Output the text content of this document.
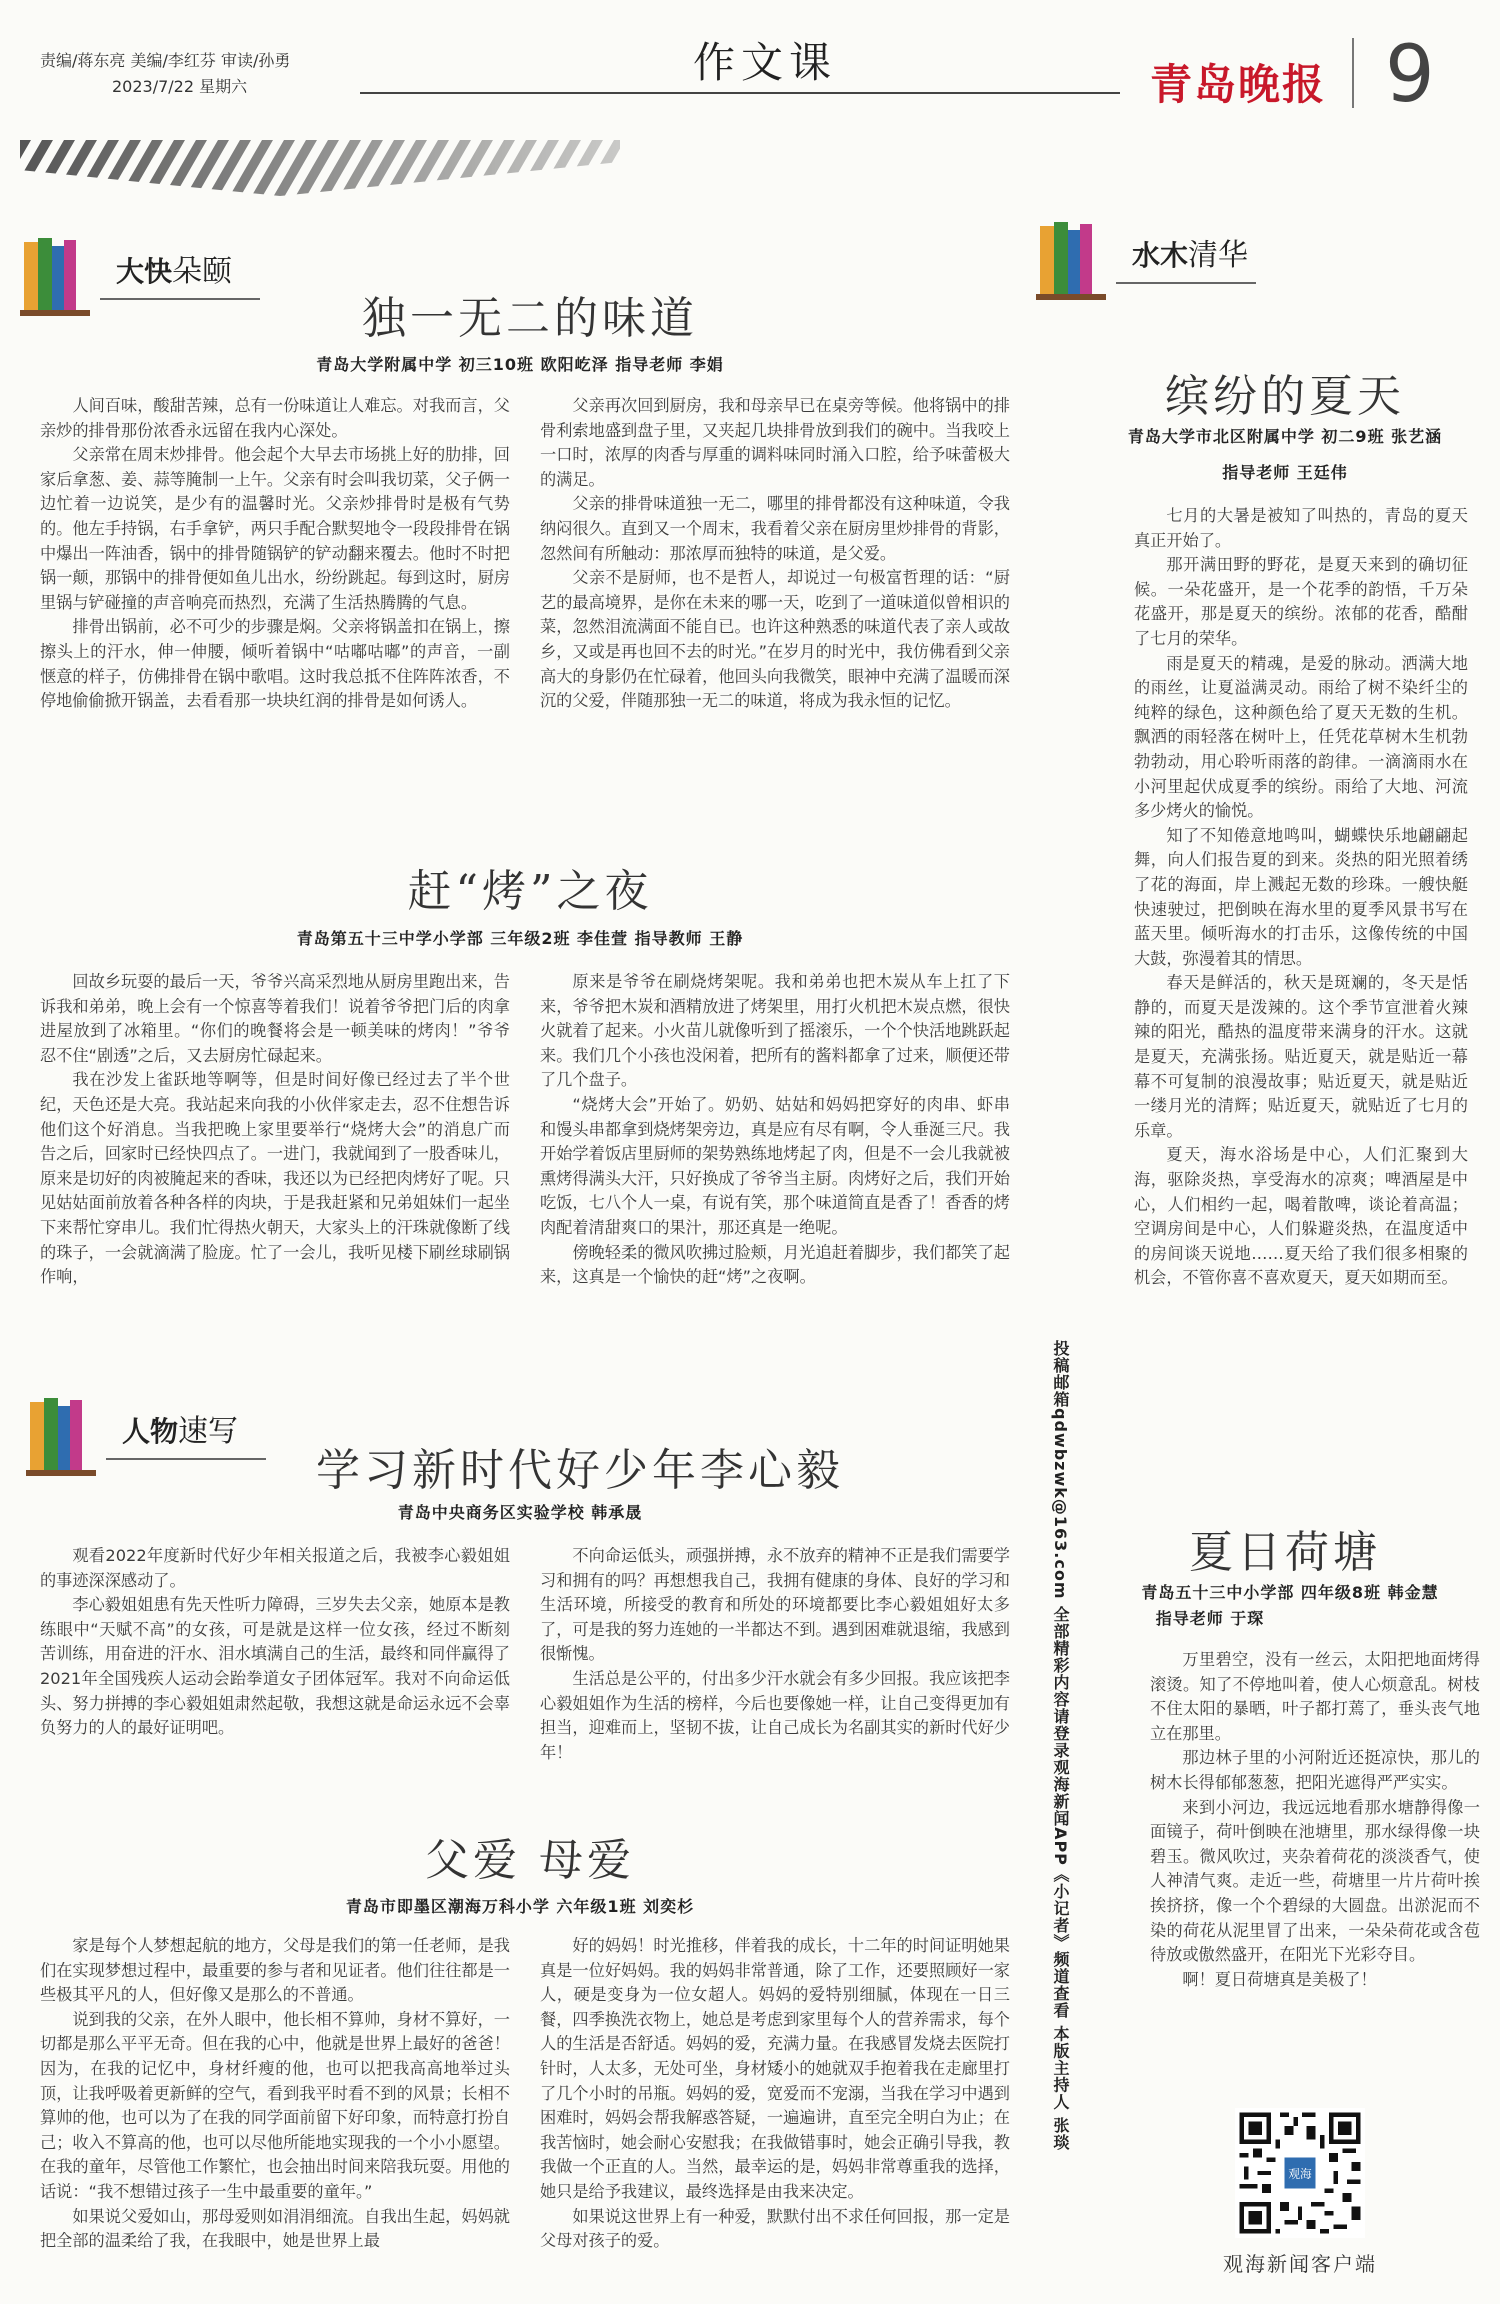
责编/蒋东亮 美编/李红芬 审读/孙勇
2023/7/22 星期六	作文课	青岛晚报 9
大快朵颐
独一无二的味道
青岛大学附属中学 初三10班 欧阳屹泽 指导老师 李娟

人间百味，酸甜苦辣，总有一份味道让人难忘。对我而言，父亲炒的排骨那份浓香永远留在我内心深处。

父亲常在周末炒排骨。他会起个大早去市场挑上好的肋排，回家后拿葱、姜、蒜等腌制一上午。父亲有时会叫我切菜，父子俩一边忙着一边说笑，是少有的温馨时光。父亲炒排骨时是极有气势的。他左手持锅，右手拿铲，两只手配合默契地令一段段排骨在锅中爆出一阵油香，锅中的排骨随锅铲的铲动翻来覆去。他时不时把锅一颠，那锅中的排骨便如鱼儿出水，纷纷跳起。每到这时，厨房里锅与铲碰撞的声音响亮而热烈，充满了生活热腾腾的气息。

排骨出锅前，必不可少的步骤是焖。父亲将锅盖扣在锅上，擦擦头上的汗水，伸一伸腰，倾听着锅中“咕嘟咕嘟”的声音，一副惬意的样子，仿佛排骨在锅中歌唱。这时我总抵不住阵阵浓香，不停地偷偷掀开锅盖，去看看那一块块红润的排骨是如何诱人。

父亲再次回到厨房，我和母亲早已在桌旁等候。他将锅中的排骨利索地盛到盘子里，又夹起几块排骨放到我们的碗中。当我咬上一口时，浓厚的肉香与厚重的调料味同时涌入口腔，给予味蕾极大的满足。

父亲的排骨味道独一无二，哪里的排骨都没有这种味道，令我纳闷很久。直到又一个周末，我看着父亲在厨房里炒排骨的背影，忽然间有所触动：那浓厚而独特的味道，是父爱。

父亲不是厨师，也不是哲人，却说过一句极富哲理的话：“厨艺的最高境界，是你在未来的哪一天，吃到了一道味道似曾相识的菜，忽然泪流满面不能自已。也许这种熟悉的味道代表了亲人或故乡，又或是再也回不去的时光。”在岁月的时光中，我仿佛看到父亲高大的身影仍在忙碌着，他回头向我微笑，眼神中充满了温暖而深沉的父爱，伴随那独一无二的味道，将成为我永恒的记忆。

赶“烤”之夜
青岛第五十三中学小学部 三年级2班 李佳萱 指导教师 王静

回故乡玩耍的最后一天，爷爷兴高采烈地从厨房里跑出来，告诉我和弟弟，晚上会有一个惊喜等着我们！说着爷爷把门后的肉拿进屋放到了冰箱里。“你们的晚餐将会是一顿美味的烤肉！”爷爷忍不住“剧透”之后，又去厨房忙碌起来。

我在沙发上雀跃地等啊等，但是时间好像已经过去了半个世纪，天色还是大亮。我站起来向我的小伙伴家走去，忍不住想告诉他们这个好消息。当我把晚上家里要举行“烧烤大会”的消息广而告之后，回家时已经快四点了。一进门，我就闻到了一股香味儿，原来是切好的肉被腌起来的香味，我还以为已经把肉烤好了呢。只见姑姑面前放着各种各样的肉块，于是我赶紧和兄弟姐妹们一起坐下来帮忙穿串儿。我们忙得热火朝天，大家头上的汗珠就像断了线的珠子，一会就滴满了脸庞。忙了一会儿，我听见楼下刷丝球刷锅作响，

原来是爷爷在刷烧烤架呢。我和弟弟也把木炭从车上扛了下来，爷爷把木炭和酒精放进了烤架里，用打火机把木炭点燃，很快火就着了起来。小火苗儿就像听到了摇滚乐，一个个快活地跳跃起来。我们几个小孩也没闲着，把所有的酱料都拿了过来，顺便还带了几个盘子。

“烧烤大会”开始了。奶奶、姑姑和妈妈把穿好的肉串、虾串和馒头串都拿到烧烤架旁边，真是应有尽有啊，令人垂涎三尺。我开始学着饭店里厨师的架势熟练地烤起了肉，但是不一会儿我就被熏烤得满头大汗，只好换成了爷爷当主厨。肉烤好之后，我们开始吃饭，七八个人一桌，有说有笑，那个味道简直是香了！香香的烤肉配着清甜爽口的果汁，那还真是一绝呢。

傍晚轻柔的微风吹拂过脸颊，月光追赶着脚步，我们都笑了起来，这真是一个愉快的赶“烤”之夜啊。

人物速写
学习新时代好少年李心毅
青岛中央商务区实验学校 韩承晟

观看2022年度新时代好少年相关报道之后，我被李心毅姐姐的事迹深深感动了。

李心毅姐姐患有先天性听力障碍，三岁失去父亲，她原本是教练眼中“天赋不高”的女孩，可是就是这样一位女孩，经过不断刻苦训练，用奋进的汗水、泪水填满自己的生活，最终和同伴赢得了2021年全国残疾人运动会跆拳道女子团体冠军。我对不向命运低头、努力拼搏的李心毅姐姐肃然起敬，我想这就是命运永远不会辜负努力的人的最好证明吧。

不向命运低头，顽强拼搏，永不放弃的精神不正是我们需要学习和拥有的吗？再想想我自己，我拥有健康的身体、良好的学习和生活环境，所接受的教育和所处的环境都要比李心毅姐姐好太多了，可是我的努力连她的一半都达不到。遇到困难就退缩，我感到很惭愧。

生活总是公平的，付出多少汗水就会有多少回报。我应该把李心毅姐姐作为生活的榜样，今后也要像她一样，让自己变得更加有担当，迎难而上，坚韧不拔，让自己成长为名副其实的新时代好少年！

父爱 母爱
青岛市即墨区潮海万科小学 六年级1班 刘奕杉

家是每个人梦想起航的地方，父母是我们的第一任老师，是我们在实现梦想过程中，最重要的参与者和见证者。他们往往都是一些极其平凡的人，但好像又是那么的不普通。

说到我的父亲，在外人眼中，他长相不算帅，身材不算好，一切都是那么平平无奇。但在我的心中，他就是世界上最好的爸爸！因为，在我的记忆中，身材纤瘦的他，也可以把我高高地举过头顶，让我呼吸着更新鲜的空气，看到我平时看不到的风景；长相不算帅的他，也可以为了在我的同学面前留下好印象，而特意打扮自己；收入不算高的他，也可以尽他所能地实现我的一个小小愿望。在我的童年，尽管他工作繁忙，也会抽出时间来陪我玩耍。用他的话说：“我不想错过孩子一生中最重要的童年。”

如果说父爱如山，那母爱则如涓涓细流。自我出生起，妈妈就把全部的温柔给了我，在我眼中，她是世界上最

好的妈妈！时光推移，伴着我的成长，十二年的时间证明她果真是一位好妈妈。我的妈妈非常普通，除了工作，还要照顾好一家人，硬是变身为一位女超人。妈妈的爱特别细腻，体现在一日三餐，四季换洗衣物上，她总是考虑到家里每个人的营养需求，每个人的生活是否舒适。妈妈的爱，充满力量。在我感冒发烧去医院打针时，人太多，无处可坐，身材矮小的她就双手抱着我在走廊里打了几个小时的吊瓶。妈妈的爱，宽爱而不宠溺，当我在学习中遇到困难时，妈妈会帮我解惑答疑，一遍遍讲，直至完全明白为止；在我苦恼时，她会耐心安慰我；在我做错事时，她会正确引导我，教我做一个正直的人。当然，最幸运的是，妈妈非常尊重我的选择，她只是给予我建议，最终选择是由我来决定。

如果说这世界上有一种爱，默默付出不求任何回报，那一定是父母对孩子的爱。

投稿邮箱qdwbzwk@163.com 全部精彩内容请登录观海新闻APP《小记者》频道查看 本版主持人 张琰
水木清华
缤纷的夏天
青岛大学市北区附属中学 初二9班 张艺涵
指导老师 王廷伟

七月的大暑是被知了叫热的，青岛的夏天真正开始了。

那开满田野的野花，是夏天来到的确切征候。一朵花盛开，是一个花季的韵悟，千万朵花盛开，那是夏天的缤纷。浓郁的花香，酷酣了七月的荣华。

雨是夏天的精魂，是爱的脉动。洒满大地的雨丝，让夏溢满灵动。雨给了树不染纤尘的纯粹的绿色，这种颜色给了夏天无数的生机。飘洒的雨轻落在树叶上，任凭花草树木生机勃勃勃动，用心聆听雨落的韵律。一滴滴雨水在小河里起伏成夏季的缤纷。雨给了大地、河流多少烤火的愉悦。

知了不知倦意地鸣叫，蝴蝶快乐地翩翩起舞，向人们报告夏的到来。炎热的阳光照着绣了花的海面，岸上溅起无数的珍珠。一艘快艇快速驶过，把倒映在海水里的夏季风景书写在蓝天里。倾听海水的打击乐，这像传统的中国大鼓，弥漫着其的情思。

春天是鲜活的，秋天是斑斓的，冬天是恬静的，而夏天是泼辣的。这个季节宣泄着火辣辣的阳光，酷热的温度带来满身的汗水。这就是夏天，充满张扬。贴近夏天，就是贴近一幕幕不可复制的浪漫故事；贴近夏天，就是贴近一缕月光的清辉；贴近夏天，就贴近了七月的乐章。

夏天，海水浴场是中心，人们汇聚到大海，驱除炎热，享受海水的凉爽；啤酒屋是中心，人们相约一起，喝着散啤，谈论着高温；空调房间是中心，人们躲避炎热，在温度适中的房间谈天说地……夏天给了我们很多相聚的机会，不管你喜不喜欢夏天，夏天如期而至。

夏日荷塘
青岛五十三中小学部 四年级8班 韩金慧
指导老师 于琛

万里碧空，没有一丝云，太阳把地面烤得滚烫。知了不停地叫着，使人心烦意乱。树枝不住太阳的暴晒，叶子都打蔫了，垂头丧气地立在那里。

那边林子里的小河附近还挺凉快，那儿的树木长得郁郁葱葱，把阳光遮得严严实实。

来到小河边，我远远地看那水塘静得像一面镜子，荷叶倒映在池塘里，那水绿得像一块碧玉。微风吹过，夹杂着荷花的淡淡香气，使人神清气爽。走近一些，荷塘里一片片荷叶挨挨挤挤，像一个个碧绿的大圆盘。出淤泥而不染的荷花从泥里冒了出来，一朵朵荷花或含苞待放或傲然盛开，在阳光下光彩夺目。

啊！夏日荷塘真是美极了！

观海
观海新闻客户端
